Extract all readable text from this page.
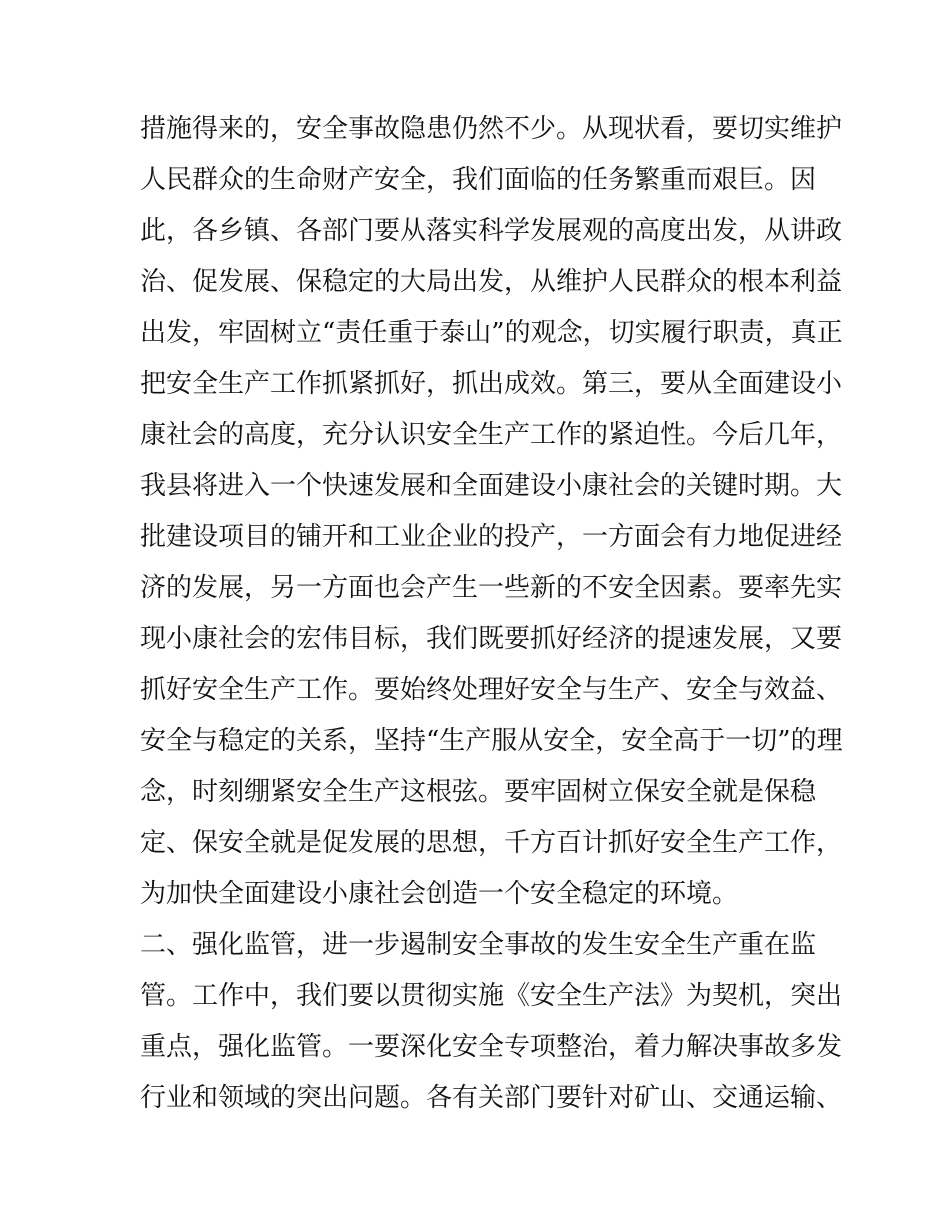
措施得来的，安全事故隐患仍然不少。从现状看，要切实维护
人民群众的生命财产安全，我们面临的任务繁重而艰巨。因
此，各乡镇、各部门要从落实科学发展观的高度出发，从讲政
治、促发展、保稳定的大局出发，从维护人民群众的根本利益
出发，牢固树立“责任重于泰山”的观念，切实履行职责，真正
把安全生产工作抓紧抓好，抓出成效。第三，要从全面建设小
康社会的高度，充分认识安全生产工作的紧迫性。今后几年，
我县将进入一个快速发展和全面建设小康社会的关键时期。大
批建设项目的铺开和工业企业的投产，一方面会有力地促进经
济的发展，另一方面也会产生一些新的不安全因素。要率先实
现小康社会的宏伟目标，我们既要抓好经济的提速发展，又要
抓好安全生产工作。要始终处理好安全与生产、安全与效益、
安全与稳定的关系，坚持“生产服从安全，安全高于一切”的理
念，时刻绷紧安全生产这根弦。要牢固树立保安全就是保稳
定、保安全就是促发展的思想，千方百计抓好安全生产工作，
为加快全面建设小康社会创造一个安全稳定的环境。
二、强化监管，进一步遏制安全事故的发生安全生产重在监
管。工作中，我们要以贯彻实施《安全生产法》为契机，突出
重点，强化监管。一要深化安全专项整治，着力解决事故多发
行业和领域的突出问题。各有关部门要针对矿山、交通运输、
